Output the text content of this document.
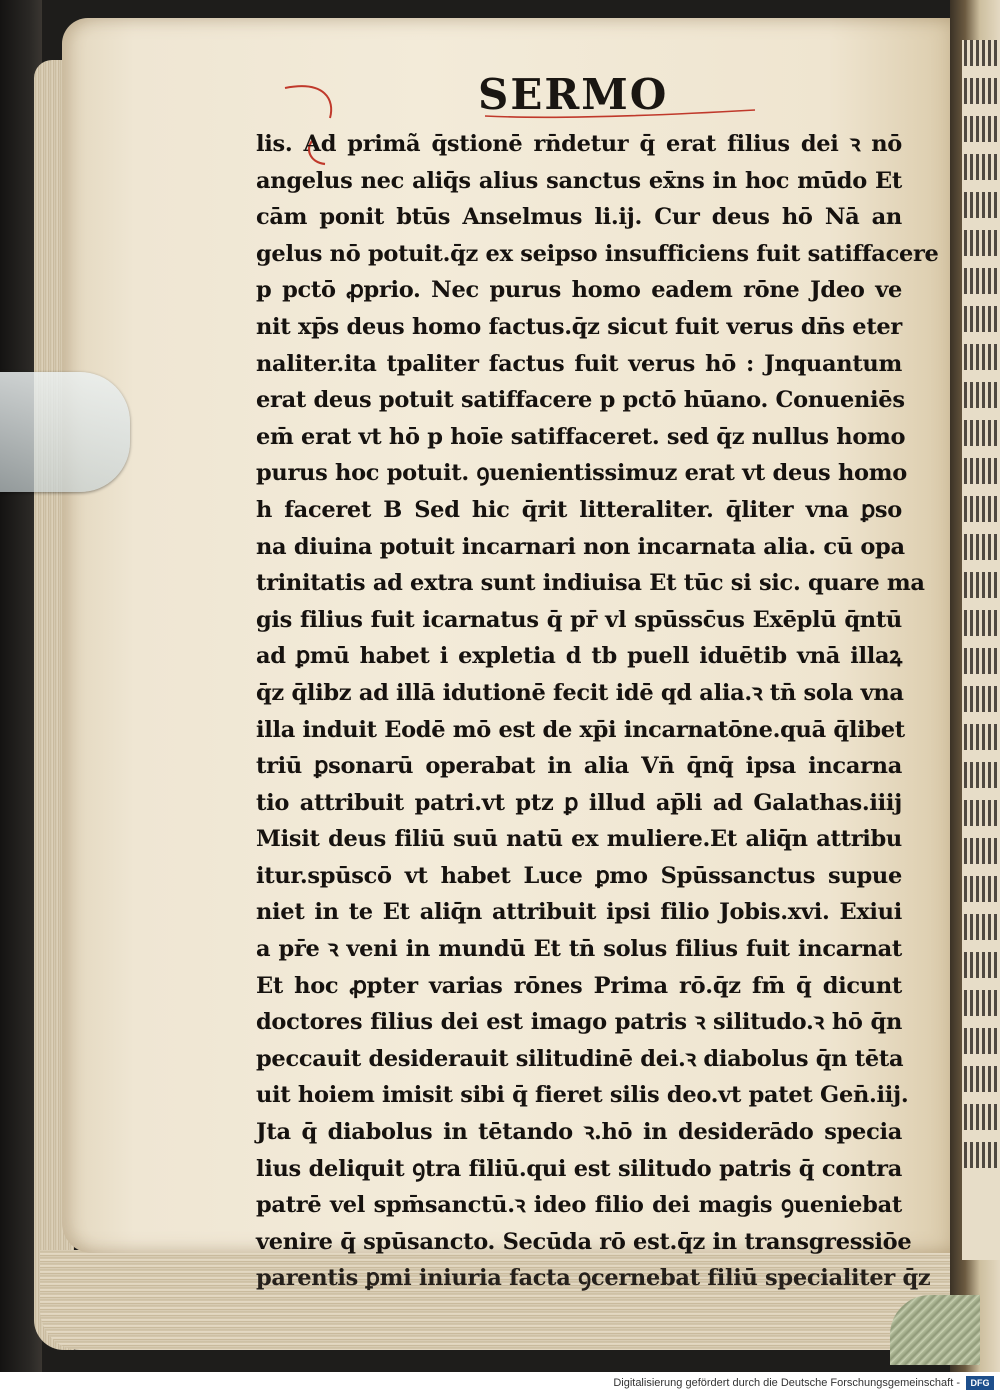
SERMO
lis. Ad primã q̄stionē rn̄detur q̄ erat filius dei ꝛ nō
angelus nec aliq̄s alius sanctus ex̄ns in hoc mūdo Et
cām ponit btūs Anselmus li.ij. Cur deus hō Nā an
gelus nō potuit.q̄z ex seipso insufficiens fuit satiffacere
p pctō ꝓprio. Nec purus homo eadem rōne Jdeo ve
nit xp̄s deus homo factus.q̄z sicut fuit verus dn̄s eter
naliter.ita tpaliter factus fuit verus hō : Jnquantum
erat deus potuit satiffacere p pctō hūano. Conueniēs
em̄ erat vt hō p hoīe satiffaceret. sed q̄z nullus homo
purus hoc potuit. ꝯuenientissimuz erat vt deus homo
h faceret B Sed hic q̄rit litteraliter. q̄liter vna ꝑso
na diuina potuit incarnari non incarnata alia. cū opa
trinitatis ad extra sunt indiuisa Et tūc si sic. quare ma
gis filius fuit icarnatus q̄ pr̄ vl spūssc̄us Exēplū q̄ntū
ad ꝑmū habet i expletia d tb puell iduētib vnā illaꝝ
q̄z q̄libz ad illā idutionē fecit idē qd alia.ꝛ tn̄ sola vna
illa induit Eodē mō est de xp̄i incarnatōne.quā q̄libet
triū ꝑsonarū operabat in alia Vn̄ q̄nq̄ ipsa incarna
tio attribuit patri.vt ptz ꝑ illud ap̄li ad Galathas.iiij
Misit deus filiū suū natū ex muliere.Et aliq̄n attribu
itur.spūscō vt habet Luce ꝑmo Spūssanctus supue
niet in te Et aliq̄n attribuit ipsi filio Jobis.xvi. Exiui
a pr̄e ꝛ veni in mundū Et tn̄ solus filius fuit incarnat
Et hoc ꝓpter varias rōnes Prima rō.q̄z fm̄ q̄ dicunt
doctores filius dei est imago patris ꝛ silitudo.ꝛ hō q̄n
peccauit desiderauit silitudinē dei.ꝛ diabolus q̄n tēta
uit hoiem imisit sibi q̄ fieret silis deo.vt patet Gen̄.iij.
Jta q̄ diabolus in tētando ꝛ.hō in desiderādo specia
lius deliquit ꝯtra filiū.qui est silitudo patris q̄ contra
patrē vel spm̄sanctū.ꝛ ideo filio dei magis ꝯueniebat
venire q̄ spūsancto. Secūda rō est.q̄z in transgressiōe
parentis ꝑmi iniuria facta ꝯcernebat filiū specialiter q̄z
Digitalisierung gefördert durch die Deutsche Forschungsgemeinschaft -	DFG
